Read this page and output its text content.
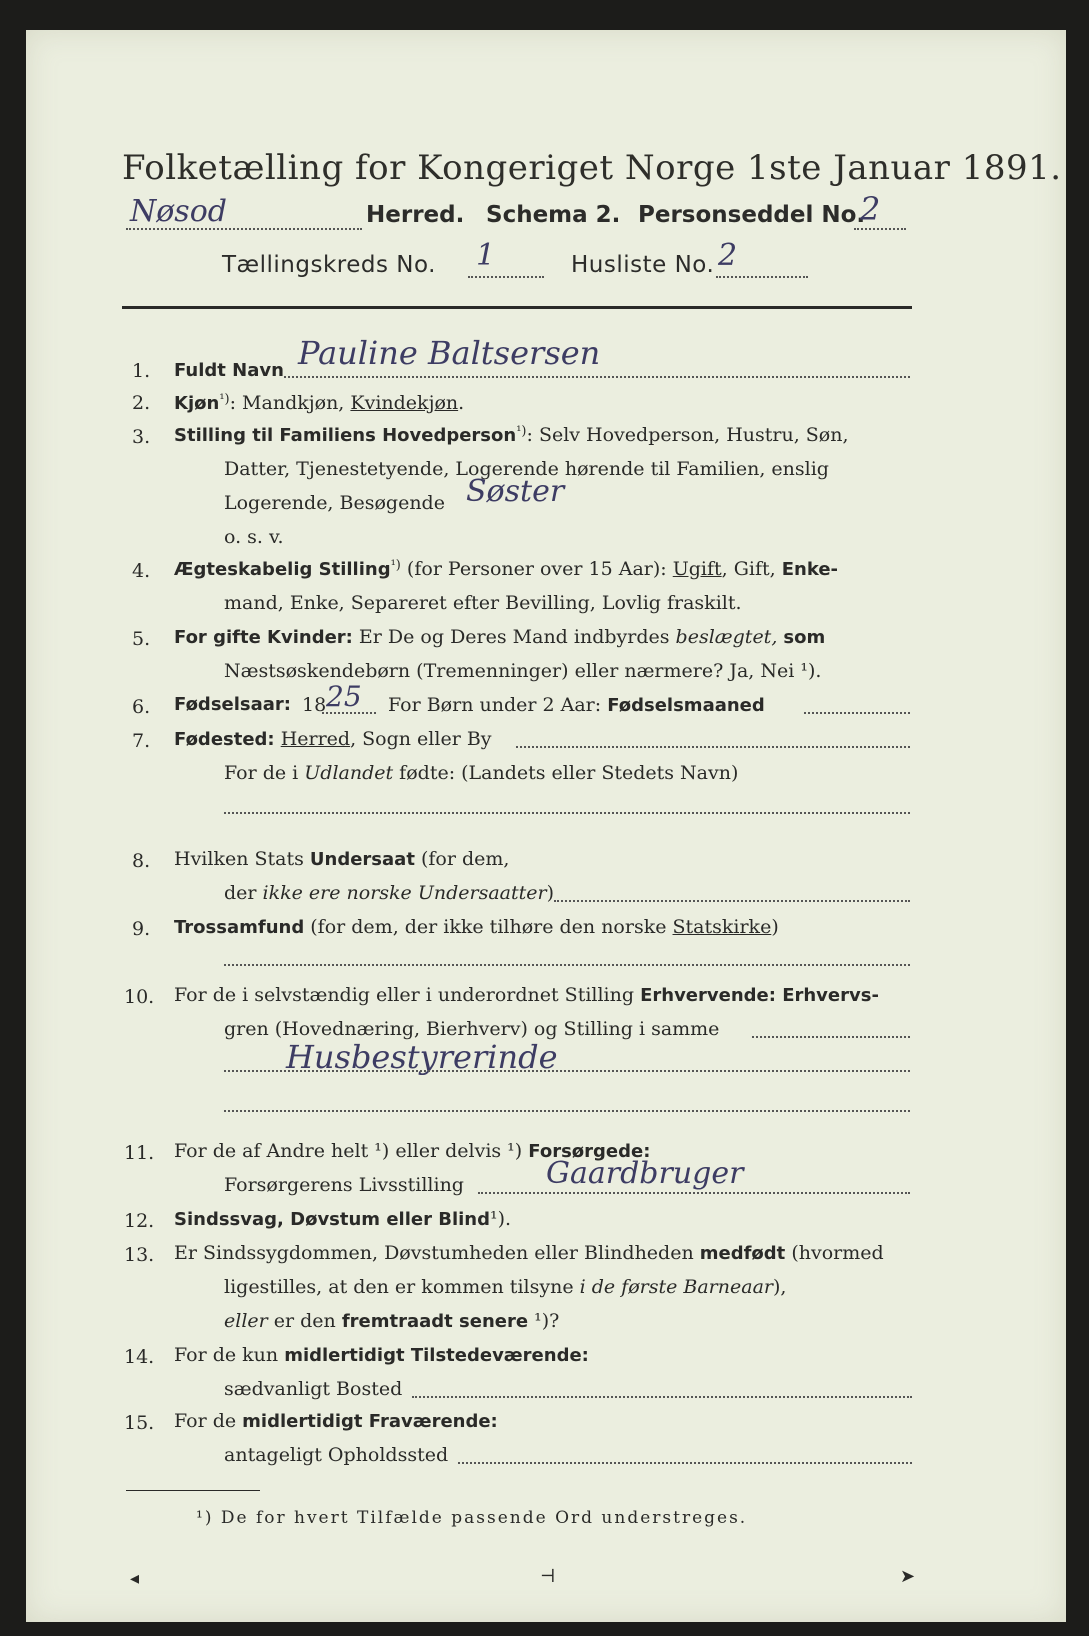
Folketælling for Kongeriget Norge 1ste Januar 1891.
Nøsod	Herred. Schema 2. Personseddel No.
2
Tællingskreds No. 1	Husliste No. 2
1. Fuldt Navn Pauline Baltsersen
2. Kjøn$^{^1)}$: Mandkjøn, Kvindekjøn.
3. Stilling til Familiens Hovedperson$^{^1)}$: Selv Hovedperson, Hustru, Søn,
Datter, Tjenestetyende, Logerende hørende til Familien, enslig
Logerende, Besøgende Søster
o. s. v.
4. Ægteskabelig Stilling$^{^1)}$ (for Personer over 15 Aar): Ugift, Gift, Enke-
mand, Enke, Separeret efter Bevilling, Lovlig fraskilt.
5. For gifte Kvinder: Er De og Deres Mand indbyrdes beslægtet, som
Næstsøskendebørn (Tremenninger) eller nærmere? Ja, Nei ¹).
6. Fødselsaar: 18 25 For Børn under 2 Aar: Fødselsmaaned
7. Fødested: Herred, Sogn eller By
For de i Udlandet fødte: (Landets eller Stedets Navn)
8. Hvilken Stats Undersaat (for dem,
der ikke ere norske Undersaatter)
9. Trossamfund (for dem, der ikke tilhøre den norske Statskirke)
10. For de i selvstændig eller i underordnet Stilling Erhvervende: Erhvervs-
gren (Hovednæring, Bierhverv) og Stilling i samme
Husbestyrerinde
11. For de af Andre helt ¹) eller delvis ¹) Forsørgede:
Forsørgerens Livsstilling	Gaardbruger
12. Sindssvag, Døvstum eller Blind¹).
13. Er Sindssygdommen, Døvstumheden eller Blindheden medfødt (hvormed
ligestilles, at den er kommen tilsyne i de første Barneaar),
eller er den fremtraadt senere ¹)?
14. For de kun midlertidigt Tilstedeværende:
sædvanligt Bosted
15. For de midlertidigt Fraværende:
antageligt Opholdssted
¹) De for hvert Tilfælde passende Ord understreges.
◂	⊣	➤
